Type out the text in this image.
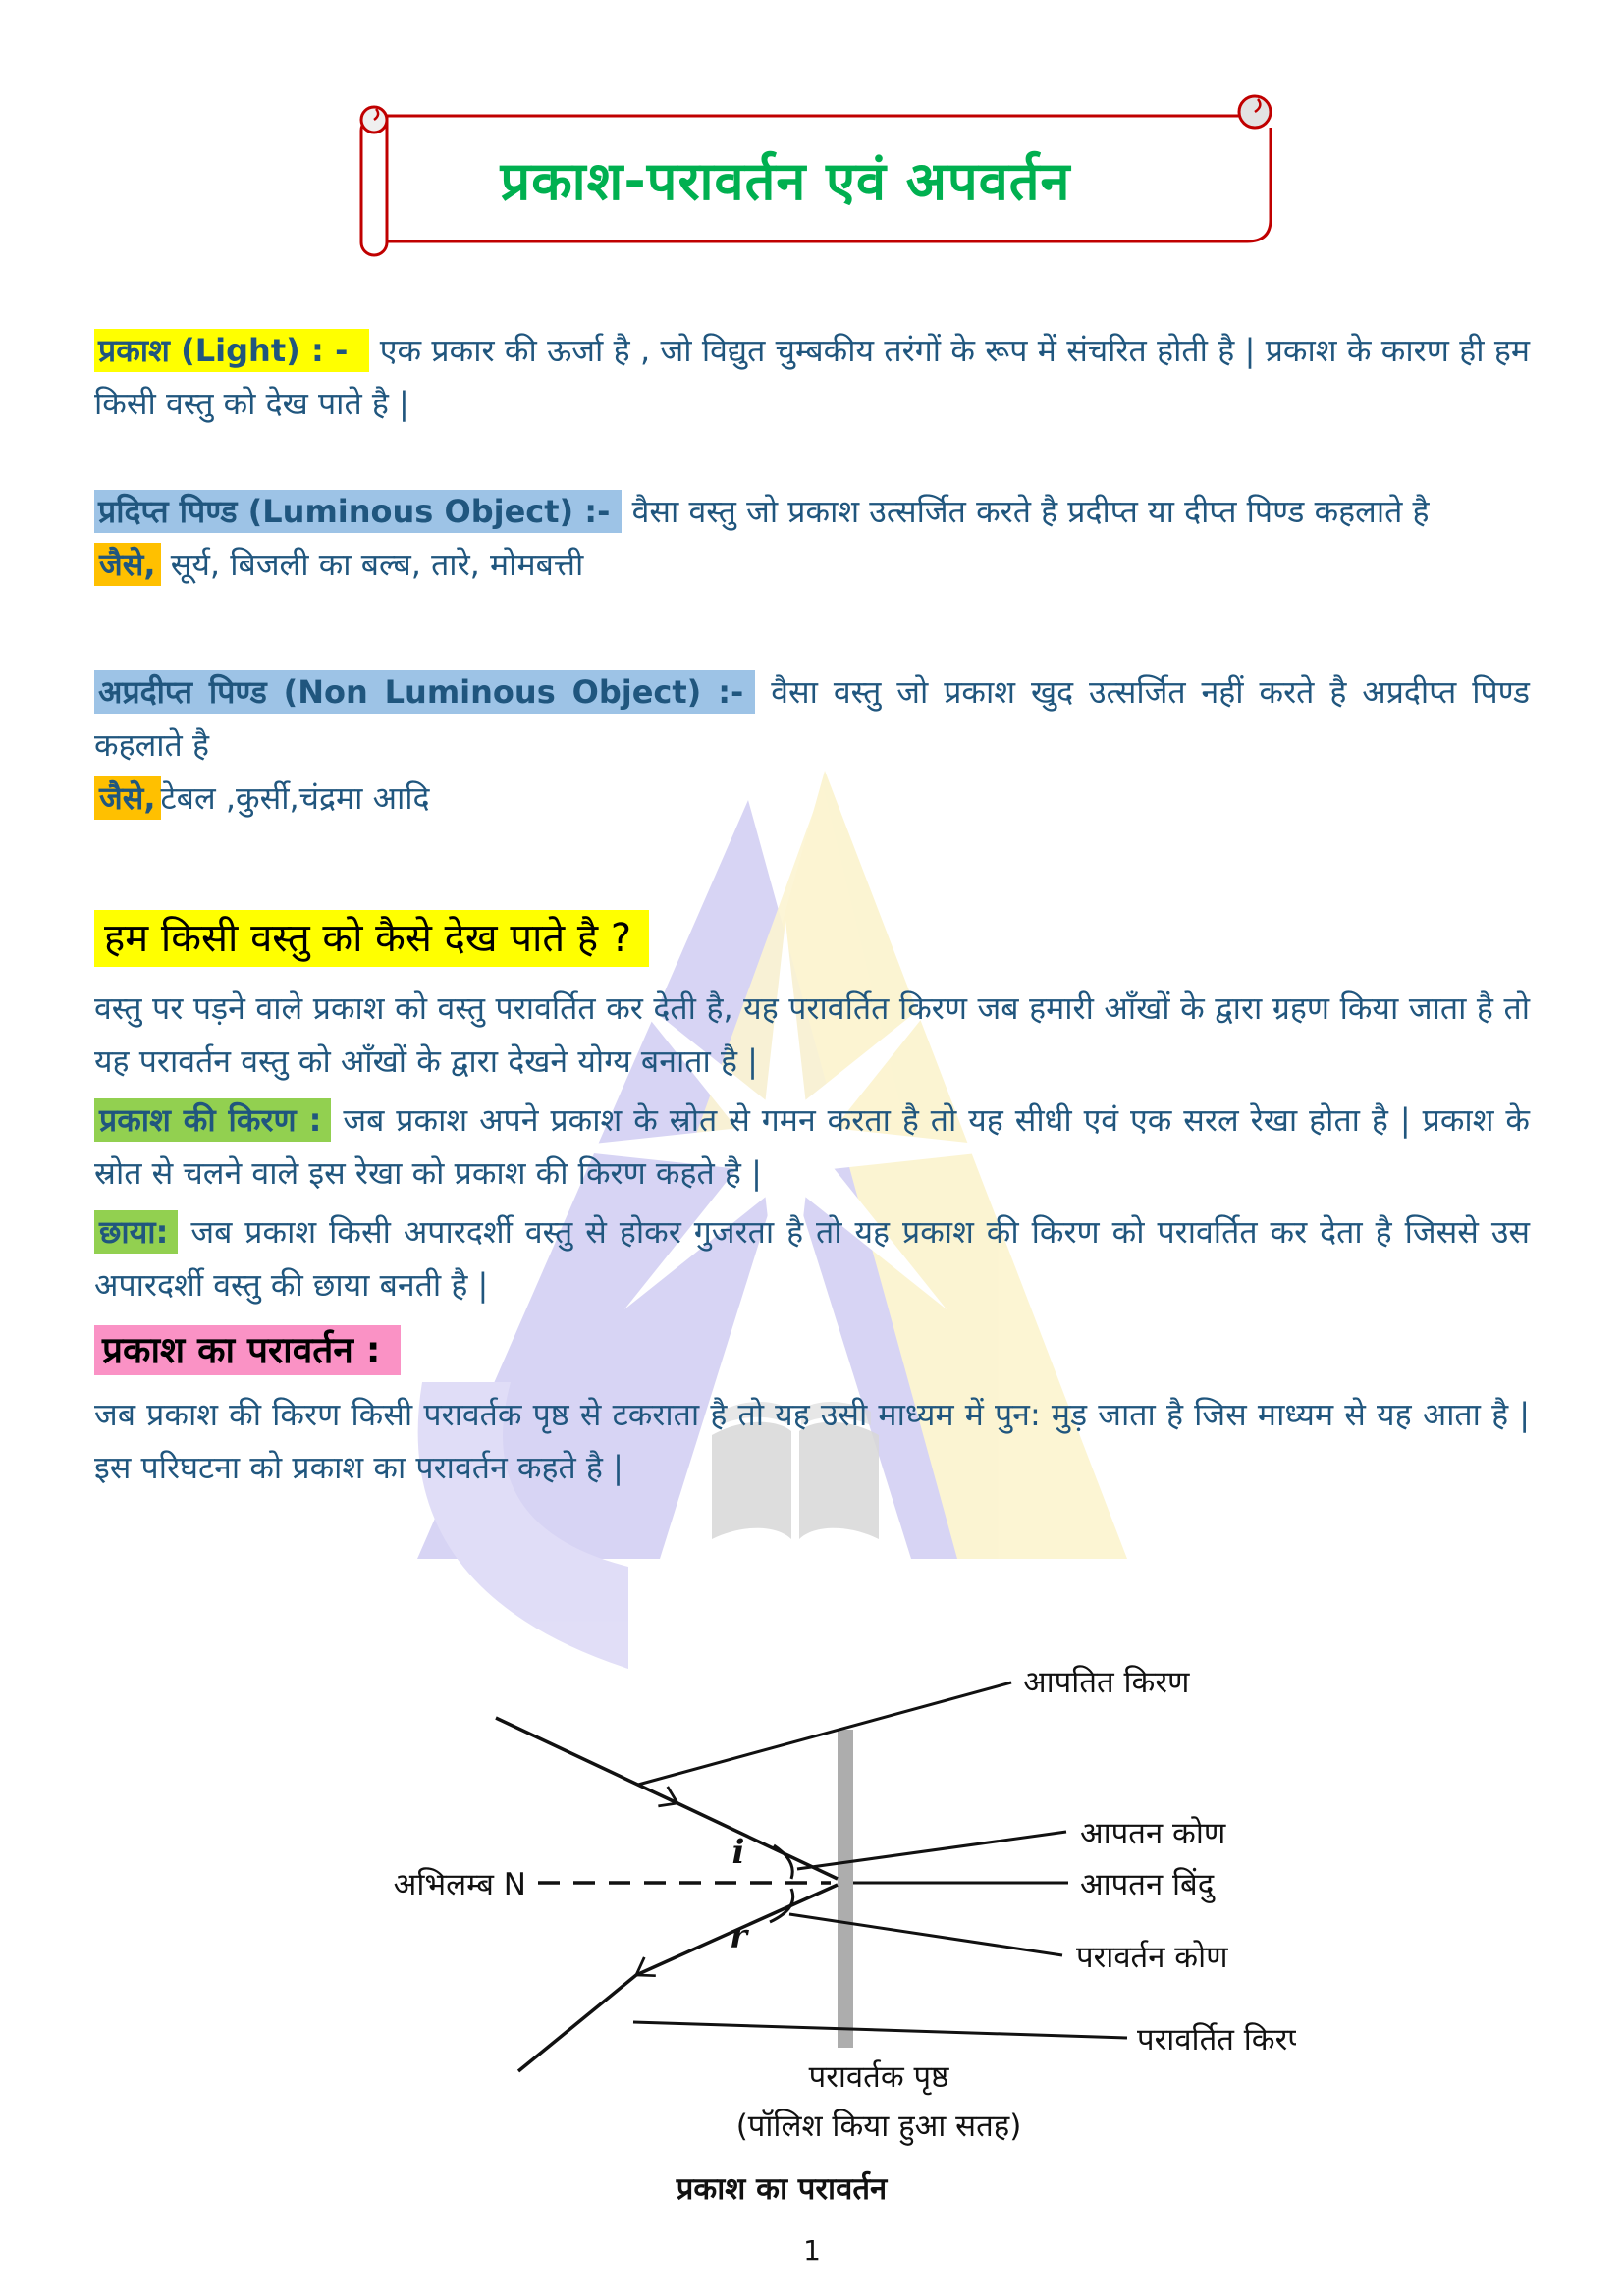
प्रकाश-परावर्तन एवं अपवर्तन

प्रकाश (Light) : - एक प्रकार की ऊर्जा है , जो विद्युत चुम्बकीय तरंगों के रूप में संचरित होती है | प्रकाश के कारण ही हम किसी वस्तु को देख पाते है |

प्रदिप्त पिण्ड (Luminous Object) :- वैसा वस्तु जो प्रकाश उत्सर्जित करते है प्रदीप्त या दीप्त पिण्ड कहलाते है

जैसे, सूर्य, बिजली का बल्ब, तारे, मोमबत्ती

अप्रदीप्त पिण्ड (Non Luminous Object) :- वैसा वस्तु जो प्रकाश खुद उत्सर्जित नहीं करते है अप्रदीप्त पिण्ड कहलाते है

जैसे, टेबल ,कुर्सी,चंद्रमा आदि

हम किसी वस्तु को कैसे देख पाते है ?

वस्तु पर पड़ने वाले प्रकाश को वस्तु परावर्तित कर देती है, यह परावर्तित किरण जब हमारी आँखों के द्वारा ग्रहण किया जाता है तो यह परावर्तन वस्तु को आँखों के द्वारा देखने योग्य बनाता है |

प्रकाश की किरण : जब प्रकाश अपने प्रकाश के स्रोत से गमन करता है तो यह सीधी एवं एक सरल रेखा होता है | प्रकाश के स्रोत से चलने वाले इस रेखा को प्रकाश की किरण कहते है |

छाया: जब प्रकाश किसी अपारदर्शी वस्तु से होकर गुजरता है तो यह प्रकाश की किरण को परावर्तित कर देता है जिससे उस अपारदर्शी वस्तु की छाया बनती है |

प्रकाश का परावर्तन :

जब प्रकाश की किरण किसी परावर्तक पृष्ठ से टकराता है तो यह उसी माध्यम में पुन: मुड़ जाता है जिस माध्यम से यह आता है | इस परिघटना को प्रकाश का परावर्तन कहते है |

i
r
अभिलम्ब N
आपतित किरण
आपतन कोण
आपतन बिंदु
परावर्तन कोण
परावर्तित किरण
परावर्तक पृष्ठ
(पॉलिश किया हुआ सतह)
प्रकाश का परावर्तन
1
